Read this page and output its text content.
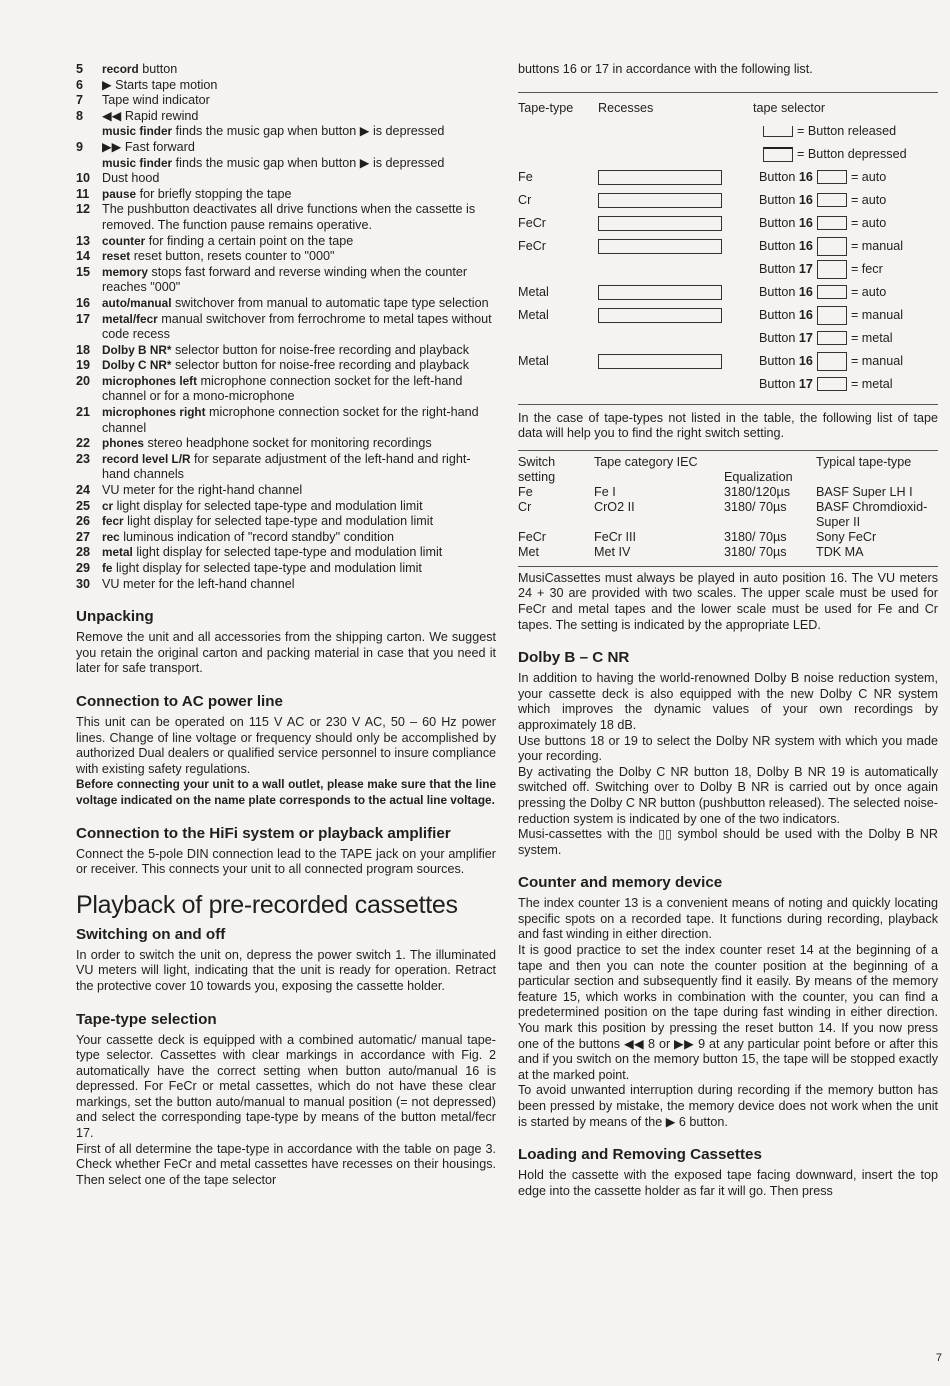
5	record button
6	▶ Starts tape motion
7	Tape wind indicator
8	◀◀ Rapid rewind
music finder finds the music gap when button ▶ is depressed
9	▶▶ Fast forward
music finder finds the music gap when button ▶ is depressed
10 Dust hood
11	pause for briefly stopping the tape
12 The pushbutton deactivates all drive functions when the cassette is removed. The function pause remains operative.
13	counter for finding a certain point on the tape
14	reset reset button, resets counter to "000"
15	memory stops fast forward and reverse winding when the counter reaches "000"
16	auto/manual switchover from manual to automatic tape type selection
17	metal/fecr manual switchover from ferrochrome to metal tapes without code recess
18	Dolby B NR* selector button for noise-free recording and playback
19	Dolby C NR* selector button for noise-free recording and playback
20	microphones left microphone connection socket for the left-hand channel or for a mono-microphone
21	microphones right microphone connection socket for the right-hand channel
22	phones stereo headphone socket for monitoring recordings
23	record level L/R for separate adjustment of the left-hand and right-hand channels
24 VU meter for the right-hand channel
25	cr light display for selected tape-type and modulation limit
26	fecr light display for selected tape-type and modulation limit
27	rec luminous indication of "record standby" condition
28	metal light display for selected tape-type and modulation limit
29	fe light display for selected tape-type and modulation limit
30 VU meter for the left-hand channel
Unpacking

Remove the unit and all accessories from the shipping carton. We suggest you retain the original carton and packing material in case that you need it later for safe transport.

Connection to AC power line

This unit can be operated on 115 V AC or 230 V AC, 50 – 60 Hz power lines. Change of line voltage or frequency should only be accomplished by authorized Dual dealers or qualified service personnel to insure compliance with existing safety regulations.

Before connecting your unit to a wall outlet, please make sure that the line voltage indicated on the name plate corresponds to the actual line voltage.

Connection to the HiFi system or playback amplifier

Connect the 5-pole DIN connection lead to the TAPE jack on your amplifier or receiver. This connects your unit to all connected program sources.

Playback of pre-recorded cassettes
Switching on and off

In order to switch the unit on, depress the power switch 1. The illuminated VU meters will light, indicating that the unit is ready for operation. Retract the protective cover 10 towards you, exposing the cassette holder.

Tape-type selection

Your cassette deck is equipped with a combined automatic/ manual tape-type selector. Cassettes with clear markings in accordance with Fig. 2 automatically have the correct setting when button auto/manual 16 is depressed. For FeCr or metal cassettes, which do not have these clear markings, set the button auto/manual to manual position (= not depressed) and select the corresponding tape-type by means of the button metal/fecr 17.

First of all determine the tape-type in accordance with the table on page 3. Check whether FeCr and metal cassettes have recesses on their housings. Then select one of the tape selector

buttons 16 or 17 in accordance with the following list.

Tape-type	Recesses	tape selector
		= Button released
		= Button depressed
Fe		Button 16 = auto
Cr		Button 16 = auto
FeCr		Button 16 = auto
FeCr		Button 16 = manual
		Button 17 = fecr
Metal		Button 16 = auto
Metal		Button 16 = manual
		Button 17 = metal
Metal		Button 16 = manual
		Button 17 = metal

In the case of tape-types not listed in the table, the following list of tape data will help you to find the right switch setting.

Switch setting	Tape category IEC	Equalization	Typical tape-type
Fe	Fe I	3180/120µs	BASF Super LH I
Cr	CrO2 II	3180/ 70µs	BASF Chromdioxid-Super II
FeCr	FeCr III	3180/ 70µs	Sony FeCr
Met	Met IV	3180/ 70µs	TDK MA

MusiCassettes must always be played in auto position 16. The VU meters 24 + 30 are provided with two scales. The upper scale must be used for FeCr and metal tapes and the lower scale must be used for Fe and Cr tapes. The setting is indicated by the appropriate LED.

Dolby B – C NR

In addition to having the world-renowned Dolby B noise reduction system, your cassette deck is also equipped with the new Dolby C NR system which improves the dynamic values of your own recordings by approximately 18 dB.

Use buttons 18 or 19 to select the Dolby NR system with which you made your recording.

By activating the Dolby C NR button 18, Dolby B NR 19 is automatically switched off. Switching over to Dolby B NR is carried out by once again pressing the Dolby C NR button (pushbutton released). The selected noise-reduction system is indicated by one of the two indicators.

Musi-cassettes with the ▯▯ symbol should be used with the Dolby B NR system.

Counter and memory device

The index counter 13 is a convenient means of noting and quickly locating specific spots on a recorded tape. It functions during recording, playback and fast winding in either direction.

It is good practice to set the index counter reset 14 at the beginning of a tape and then you can note the counter position at the beginning of a particular section and subsequently find it easily. By means of the memory feature 15, which works in combination with the counter, you can find a predetermined position on the tape during fast winding in either direction. You mark this position by pressing the reset button 14. If you now press one of the buttons ◀◀ 8 or ▶▶ 9 at any particular point before or after this and if you switch on the memory button 15, the tape will be stopped exactly at the marked point.

To avoid unwanted interruption during recording if the memory button has been pressed by mistake, the memory device does not work when the unit is started by means of the ▶ 6 button.

Loading and Removing Cassettes

Hold the cassette with the exposed tape facing downward, insert the top edge into the cassette holder as far it will go. Then press

7
